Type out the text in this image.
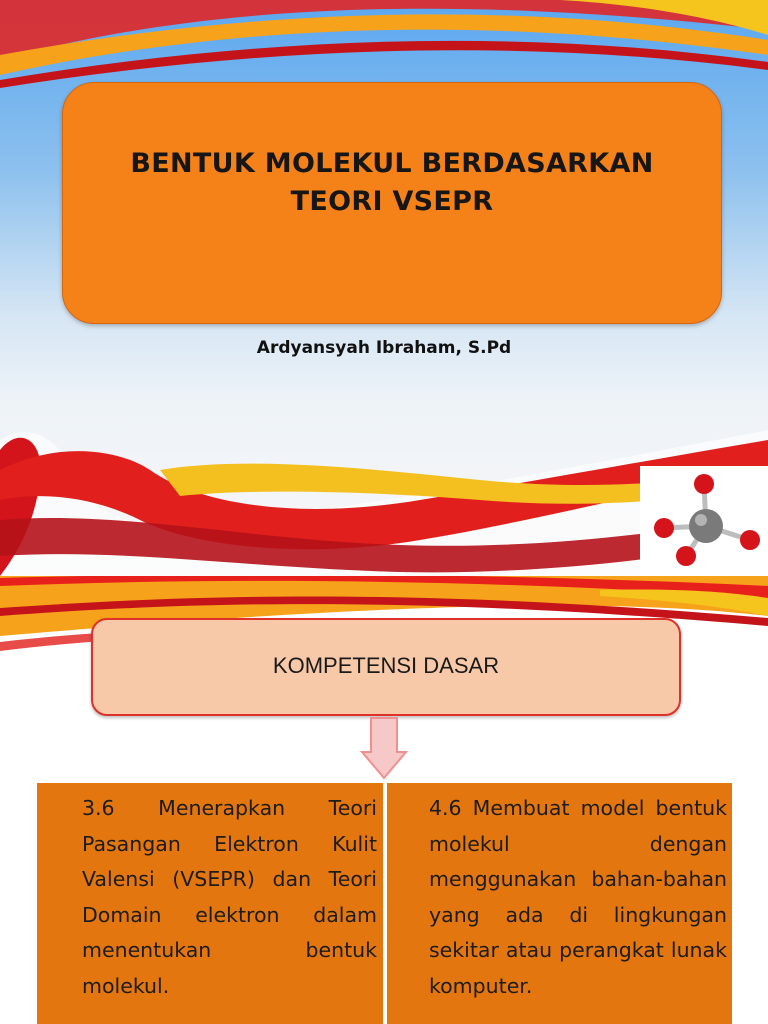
BENTUK MOLEKUL BERDASARKAN
TEORI VSEPR
Ardyansyah Ibraham, S.Pd
KOMPETENSI DASAR
3.6 Menerapkan Teori Pasangan Elektron Kulit Valensi (VSEPR) dan Teori Domain elektron dalam menentukan bentuk molekul.
4.6 Membuat model bentuk molekul dengan menggunakan bahan-bahan yang ada di lingkungan sekitar atau perangkat lunak komputer.
